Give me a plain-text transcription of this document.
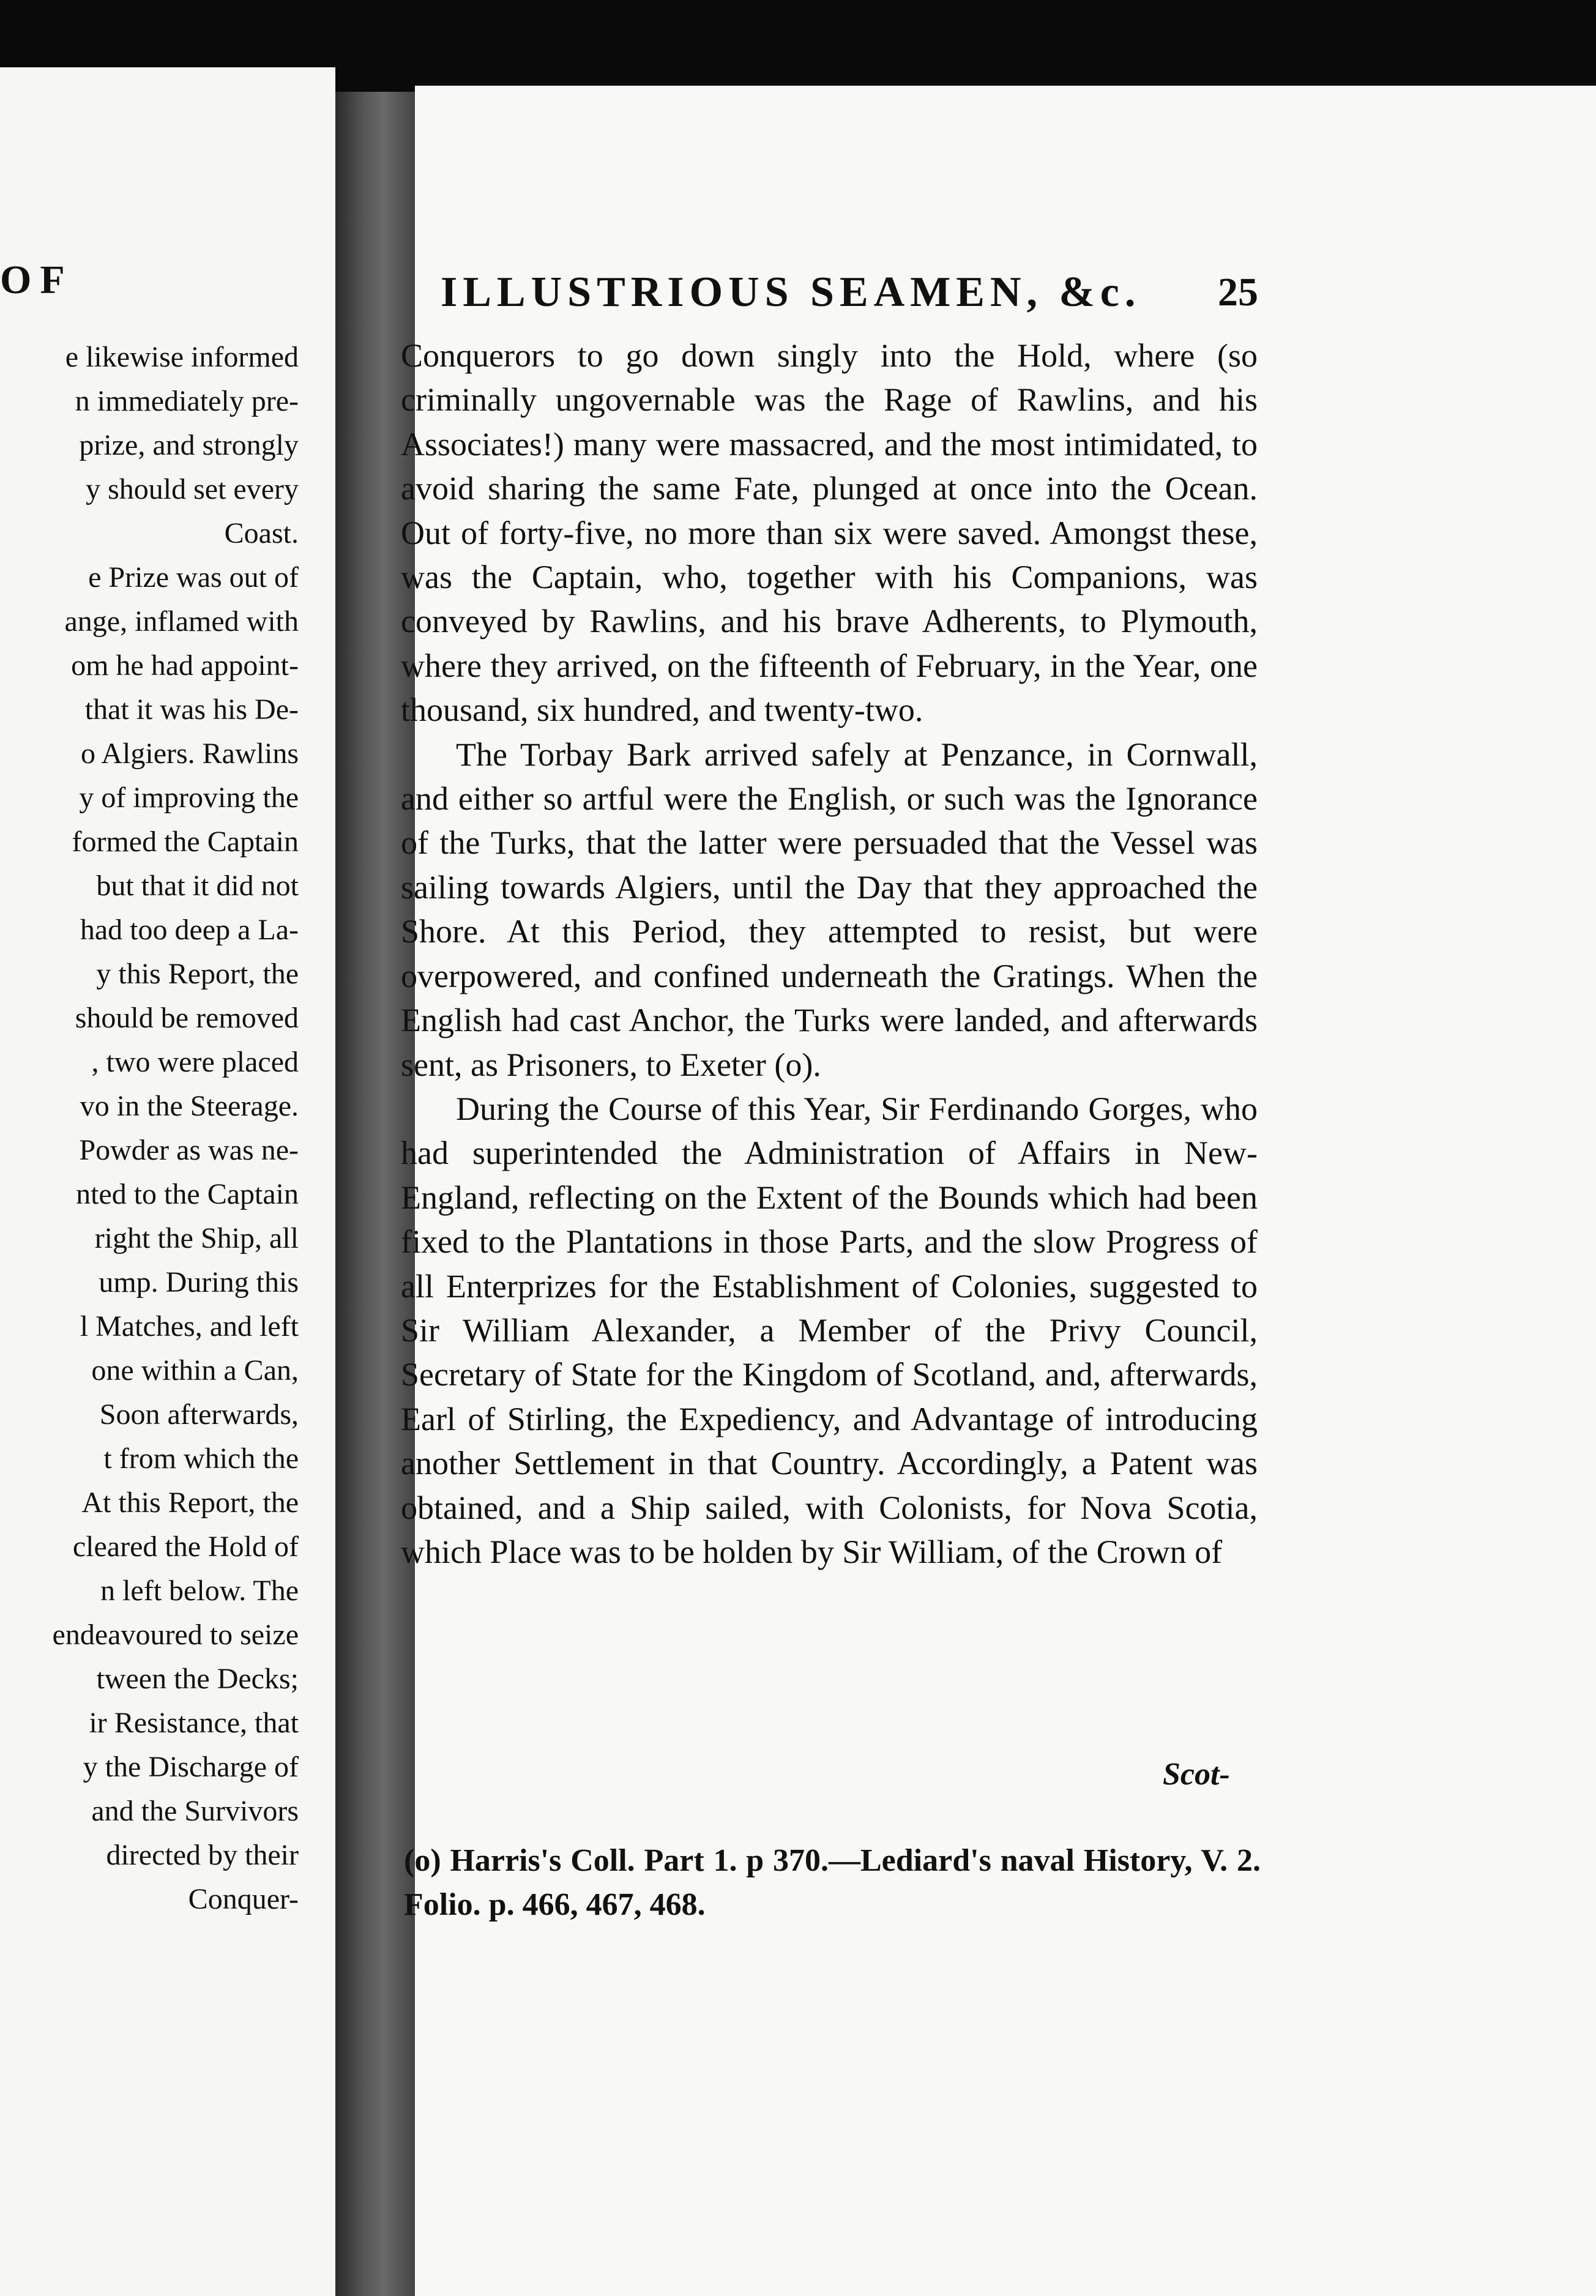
OF
e likewise informed
n immediately pre-
prize, and strongly
y should set every
Coast.
e Prize was out of
ange, inflamed with
om he had appoint-
that it was his De-
o Algiers. Rawlins
y of improving the
formed the Captain
but that it did not
had too deep a La-
y this Report, the
should be removed
, two were placed
vo in the Steerage.
Powder as was ne-
nted to the Captain
right the Ship, all
ump. During this
l Matches, and left
one within a Can,
Soon afterwards,
t from which the
At this Report, the
cleared the Hold of
n left below. The
endeavoured to seize
tween the Decks;
ir Resistance, that
y the Discharge of
and the Survivors
directed by their
Conquer-
ILLUSTRIOUS SEAMEN, &c.	25

Conquerors to go down singly into the Hold, where (so criminally ungovernable was the Rage of Rawlins, and his Associates!) many were massacred, and the most intimidated, to avoid sharing the same Fate, plunged at once into the Ocean. Out of forty-five, no more than six were saved. Amongst these, was the Captain, who, together with his Companions, was conveyed by Rawlins, and his brave Adherents, to Plymouth, where they arrived, on the fifteenth of February, in the Year, one thousand, six hundred, and twenty-two.

The Torbay Bark arrived safely at Penzance, in Cornwall, and either so artful were the English, or such was the Ignorance of the Turks, that the latter were persuaded that the Vessel was sailing towards Algiers, until the Day that they approached the Shore. At this Period, they attempted to resist, but were overpowered, and confined underneath the Gratings. When the English had cast Anchor, the Turks were landed, and afterwards sent, as Prisoners, to Exeter (o).

During the Course of this Year, Sir Ferdinando Gorges, who had superintended the Administration of Affairs in New-England, reflecting on the Extent of the Bounds which had been fixed to the Plantations in those Parts, and the slow Progress of all Enterprizes for the Establishment of Colonies, suggested to Sir William Alexander, a Member of the Privy Council, Secretary of State for the Kingdom of Scotland, and, afterwards, Earl of Stirling, the Expediency, and Advantage of introducing another Settlement in that Country. Accordingly, a Patent was obtained, and a Ship sailed, with Colonists, for Nova Scotia, which Place was to be holden by Sir William, of the Crown of

Scot-
(o) Harris's Coll. Part 1. p 370.—Lediard's naval History, V. 2. Folio. p. 466, 467, 468.
